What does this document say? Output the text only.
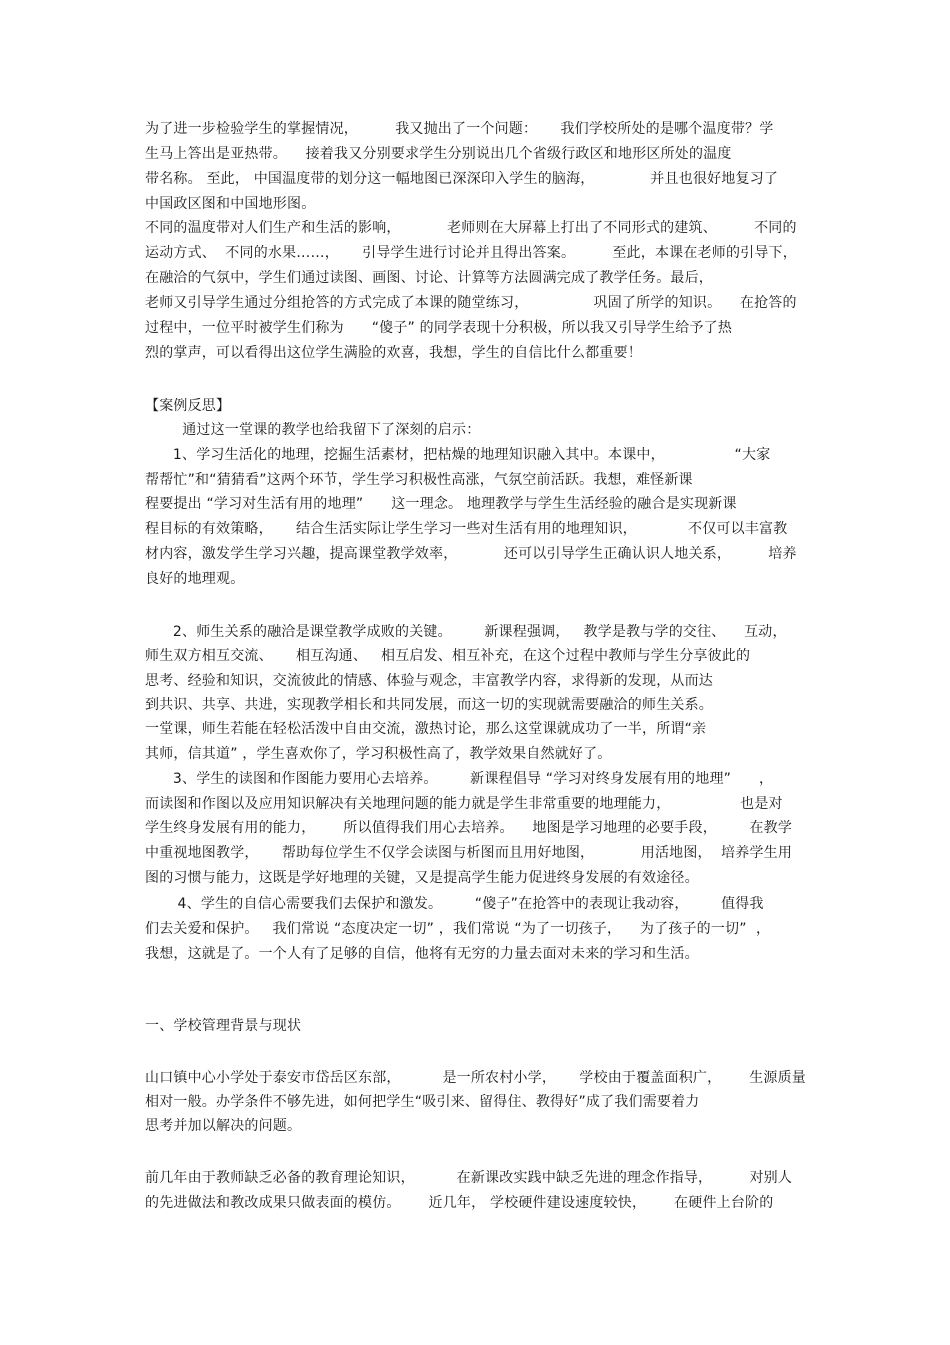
为了进一步检验学生的掌握情况，        我又抛出了一个问题：     我们学校所处的是哪个温度带？学
生马上答出是亚热带。    接着我又分别要求学生分别说出几个省级行政区和地形区所处的温度
带名称。 至此， 中国温度带的划分这一幅地图已深深印入学生的脑海，            并且也很好地复习了
中国政区图和中国地形图。
不同的温度带对人们生产和生活的影响，          老师则在大屏幕上打出了不同形式的建筑、        不同的
运动方式、  不同的水果……，     引导学生进行讨论并且得出答案。        至此，本课在老师的引导下，
在融洽的气氛中，学生们通过读图、画图、讨论、计算等方法圆满完成了教学任务。最后，
老师又引导学生通过分组抢答的方式完成了本课的随堂练习，              巩固了所学的知识。    在抢答的
过程中，一位平时被学生们称为      “傻子” 的同学表现十分积极，所以我又引导学生给予了热
烈的掌声，可以看得出这位学生满脸的欢喜，我想，学生的自信比什么都重要！
【案例反思】
通过这一堂课的教学也给我留下了深刻的启示：
1、学习生活化的地理，挖掘生活素材，把枯燥的地理知识融入其中。本课中，               “大家
帮帮忙”和“猜猜看”这两个环节，学生学习积极性高涨，气氛空前活跃。我想，难怪新课
程要提出 “学习对生活有用的地理”      这一理念。 地理教学与学生生活经验的融合是实现新课
程目标的有效策略，     结合生活实际让学生学习一些对生活有用的地理知识，           不仅可以丰富教
材内容，激发学生学习兴趣，提高课堂教学效率，          还可以引导学生正确认识人地关系，        培养
良好的地理观。
2、师生关系的融洽是课堂教学成败的关键。       新课程强调，   教学是教与学的交往、    互动，
师生双方相互交流、     相互沟通、   相互启发、相互补充，在这个过程中教师与学生分享彼此的
思考、经验和知识，交流彼此的情感、体验与观念，丰富教学内容，求得新的发现，从而达
到共识、共享、共进，实现教学相长和共同发展，而这一切的实现就需要融洽的师生关系。
一堂课，师生若能在轻松活泼中自由交流，激热讨论，那么这堂课就成功了一半，所谓“亲
其师，信其道” ，学生喜欢你了，学习积极性高了，教学效果自然就好了。
3、学生的读图和作图能力要用心去培养。       新课程倡导 “学习对终身发展有用的地理”      ，
而读图和作图以及应用知识解决有关地理问题的能力就是学生非常重要的地理能力，               也是对
学生终身发展有用的能力，      所以值得我们用心去培养。    地图是学习地理的必要手段，       在教学
中重视地图教学，     帮助每位学生不仅学会读图与析图而且用好地图，          用活地图，  培养学生用
图的习惯与能力，这既是学好地理的关键，又是提高学生能力促进终身发展的有效途径。
4、学生的自信心需要我们去保护和激发。       “傻子”在抢答中的表现让我动容，       值得我
们去关爱和保护。   我们常说 “态度决定一切” ，我们常说 “为了一切孩子，    为了孩子的一切”  ，
我想，这就是了。一个人有了足够的自信，他将有无穷的力量去面对未来的学习和生活。
一、学校管理背景与现状
山口镇中心小学处于泰安市岱岳区东部，         是一所农村小学，     学校由于覆盖面积广，      生源质量
相对一般。办学条件不够先进，如何把学生“吸引来、留得住、教得好”成了我们需要着力
思考并加以解决的问题。
前几年由于教师缺乏必备的教育理论知识，         在新课改实践中缺乏先进的理念作指导，        对别人
的先进做法和教改成果只做表面的模仿。      近几年， 学校硬件建设速度较快，      在硬件上台阶的
